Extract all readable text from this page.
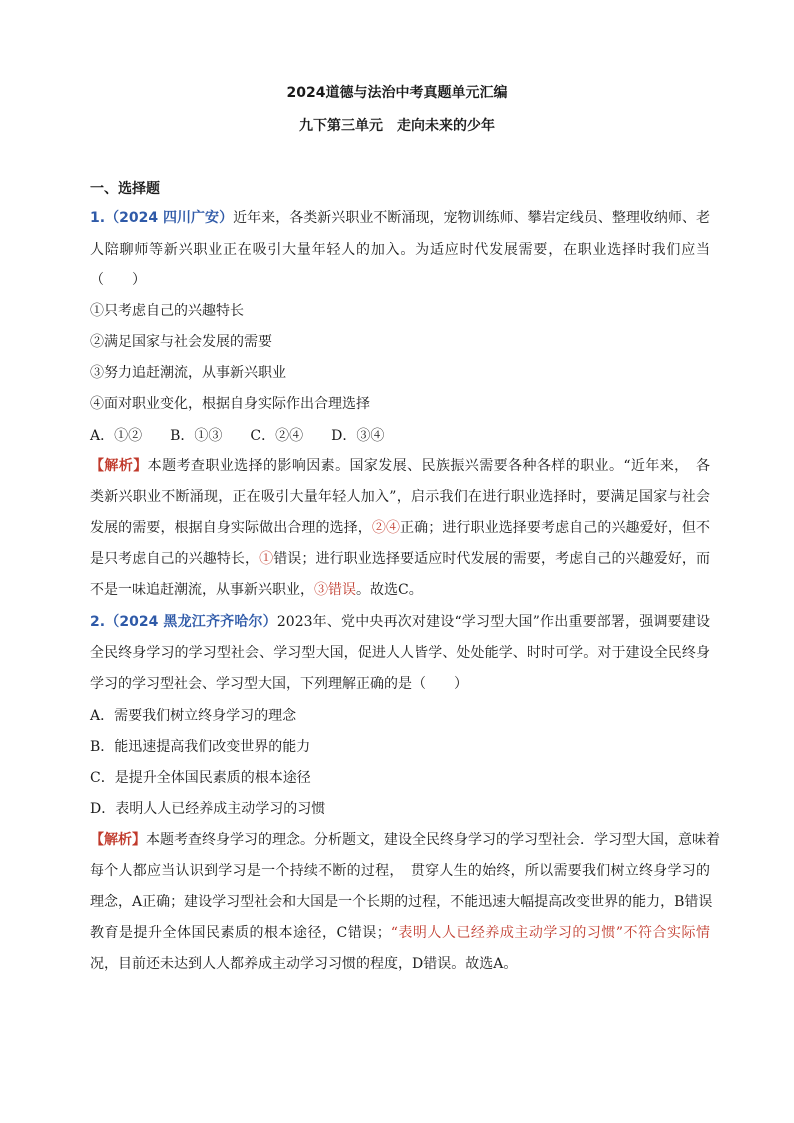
2024道德与法治中考真题单元汇编
九下第三单元　走向未来的少年
一、选择题
1.（2024 四川广安）近年来，各类新兴职业不断涌现，宠物训练师、攀岩定线员、整理收纳师、老
人陪聊师等新兴职业正在吸引大量年轻人的加入。为适应时代发展需要，在职业选择时我们应当
（　　）
①只考虑自己的兴趣特长
②满足国家与社会发展的需要
③努力追赶潮流，从事新兴职业
④面对职业变化，根据自身实际作出合理选择
A．①②　　B．①③　　C．②④　　D．③④
【解析】本题考查职业选择的影响因素。国家发展、民族振兴需要各种各样的职业。“近年来，　各
类新兴职业不断涌现，正在吸引大量年轻人加入”，启示我们在进行职业选择时，要满足国家与社会
发展的需要，根据自身实际做出合理的选择，②④正确；进行职业选择要考虑自己的兴趣爱好，但不
是只考虑自己的兴趣特长，①错误；进行职业选择要适应时代发展的需要，考虑自己的兴趣爱好，而
不是一味追赶潮流，从事新兴职业，③错误。故选C。
2.（2024 黑龙江齐齐哈尔）2023年、党中央再次对建设“学习型大国”作出重要部署，强调要建设
全民终身学习的学习型社会、学习型大国，促进人人皆学、处处能学、时时可学。对于建设全民终身
学习的学习型社会、学习型大国，下列理解正确的是（　　）
A．需要我们树立终身学习的理念
B．能迅速提高我们改变世界的能力
C．是提升全体国民素质的根本途径
D．表明人人已经养成主动学习的习惯
【解析】本题考查终身学习的理念。分析题文，建设全民终身学习的学习型社会．学习型大国，意味着
每个人都应当认识到学习是一个持续不断的过程，　贯穿人生的始终，所以需要我们树立终身学习的
理念，A正确；建设学习型社会和大国是一个长期的过程，不能迅速大幅提高改变世界的能力，B错误
教育是提升全体国民素质的根本途径，C错误；“表明人人已经养成主动学习的习惯”不符合实际情
况，目前还未达到人人都养成主动学习习惯的程度，D错误。故选A。
